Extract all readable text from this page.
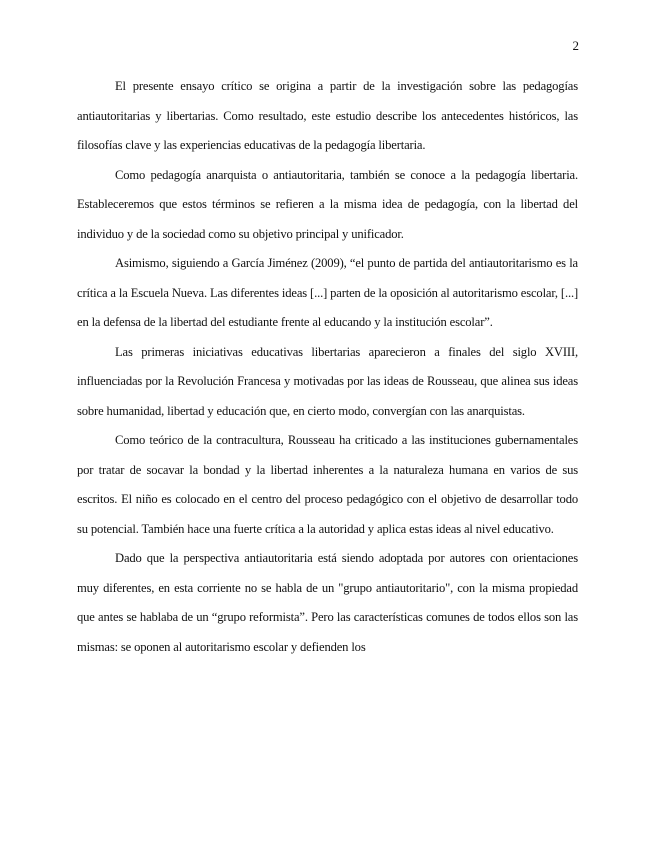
2

El presente ensayo crítico se origina a partir de la investigación sobre las pedagogías antiautoritarias y libertarias. Como resultado, este estudio describe los antecedentes históricos, las filosofías clave y las experiencias educativas de la pedagogía libertaria.

Como pedagogía anarquista o antiautoritaria, también se conoce a la pedagogía libertaria. Estableceremos que estos términos se refieren a la misma idea de pedagogía, con la libertad del individuo y de la sociedad como su objetivo principal y unificador.

Asimismo, siguiendo a García Jiménez (2009), “el punto de partida del antiautoritarismo es la crítica a la Escuela Nueva. Las diferentes ideas [...] parten de la oposición al autoritarismo escolar, [...] en la defensa de la libertad del estudiante frente al educando y la institución escolar”.

Las primeras iniciativas educativas libertarias aparecieron a finales del siglo XVIII, influenciadas por la Revolución Francesa y motivadas por las ideas de Rousseau, que alinea sus ideas sobre humanidad, libertad y educación que, en cierto modo, convergían con las anarquistas.

Como teórico de la contracultura, Rousseau ha criticado a las instituciones gubernamentales por tratar de socavar la bondad y la libertad inherentes a la naturaleza humana en varios de sus escritos. El niño es colocado en el centro del proceso pedagógico con el objetivo de desarrollar todo su potencial. También hace una fuerte crítica a la autoridad y aplica estas ideas al nivel educativo.

Dado que la perspectiva antiautoritaria está siendo adoptada por autores con orientaciones muy diferentes, en esta corriente no se habla de un "grupo antiautoritario", con la misma propiedad que antes se hablaba de un “grupo reformista”. Pero las características comunes de todos ellos son las mismas: se oponen al autoritarismo escolar y defienden los
